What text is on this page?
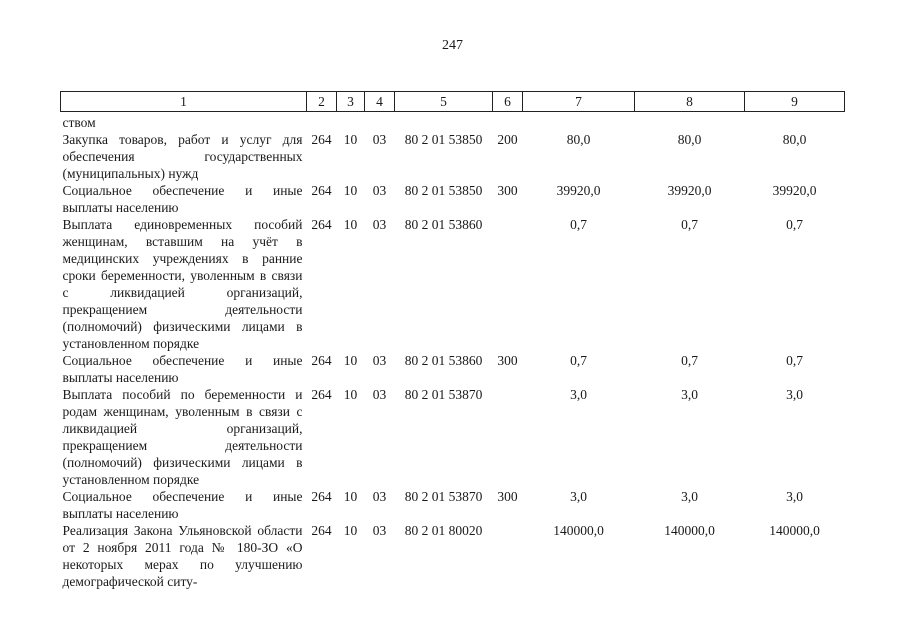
247
1	2	3	4	5	6	7	8	9
ством								
Закупка товаров, работ и услуг для обеспечения государственных (муниципальных) нужд	264	10	03	80 2 01 53850	200	80,0	80,0	80,0
Социальное обеспечение и иные выплаты населению	264	10	03	80 2 01 53850	300	39920,0	39920,0	39920,0
Выплата единовременных пособий женщинам, вставшим на учёт в медицинских учреждениях в ранние сроки беременности, уволенным в связи с ликвидацией организаций, прекращением деятельности (полномочий) физическими лицами в установленном порядке	264	10	03	80 2 01 53860		0,7	0,7	0,7
Социальное обеспечение и иные выплаты населению	264	10	03	80 2 01 53860	300	0,7	0,7	0,7
Выплата пособий по беременности и родам женщинам, уволенным в связи с ликвидацией организаций, прекращением деятельности (полномочий) физическими лицами в установленном порядке	264	10	03	80 2 01 53870		3,0	3,0	3,0
Социальное обеспечение и иные выплаты населению	264	10	03	80 2 01 53870	300	3,0	3,0	3,0
Реализация Закона Ульяновской области от 2 ноября 2011 года № 180-ЗО «О некоторых мерах по улучшению демографической ситу-	264	10	03	80 2 01 80020		140000,0	140000,0	140000,0
